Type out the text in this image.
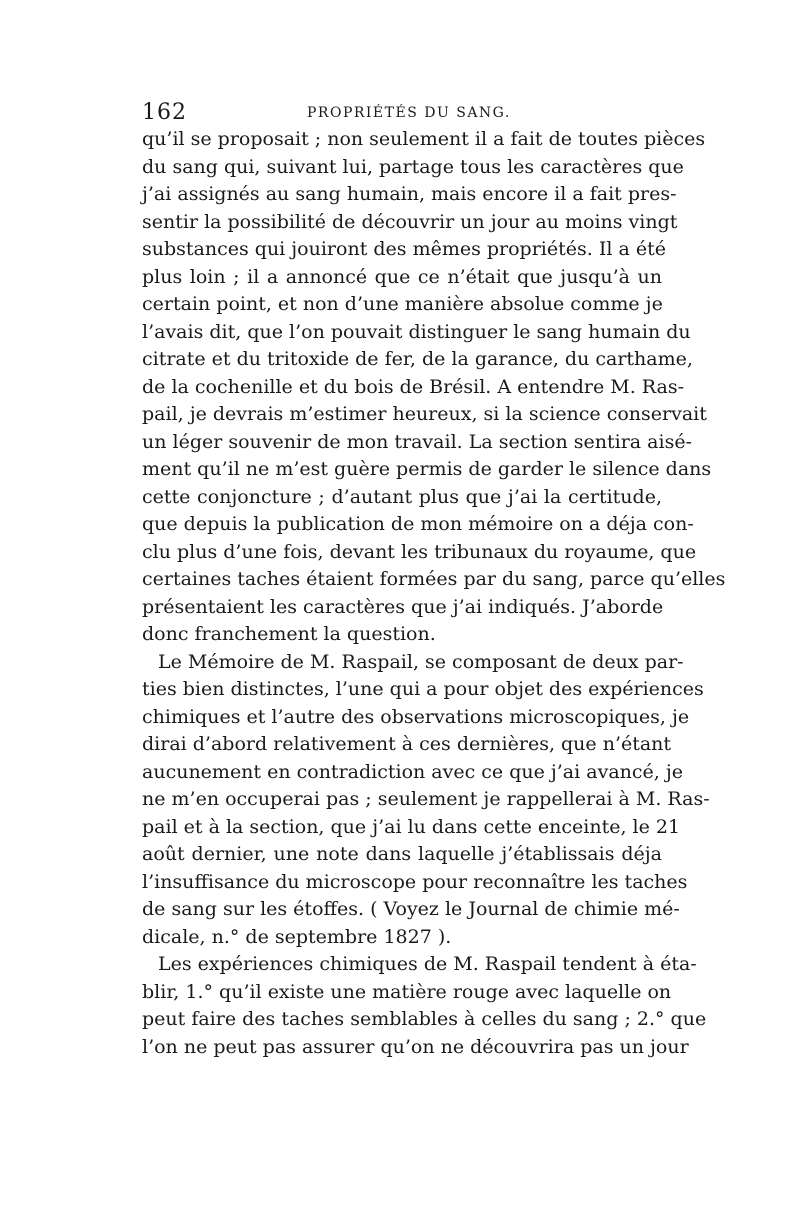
162	PROPRIÉTÉS DU SANG.
qu’il se proposait ; non seulement il a fait de toutes pièces
du sang qui, suivant lui, partage tous les caractères que
j’ai assignés au sang humain, mais encore il a fait pres-
sentir la possibilité de découvrir un jour au moins vingt
substances qui jouiront des mêmes propriétés. Il a été
plus loin ; il a annoncé que ce n’était que jusqu’à un
certain point, et non d’une manière absolue comme je
l’avais dit, que l’on pouvait distinguer le sang humain du
citrate et du tritoxide de fer, de la garance, du carthame,
de la cochenille et du bois de Brésil. A entendre M. Ras-
pail, je devrais m’estimer heureux, si la science conservait
un léger souvenir de mon travail. La section sentira aisé-
ment qu’il ne m’est guère permis de garder le silence dans
cette conjoncture ; d’autant plus que j’ai la certitude,
que depuis la publication de mon mémoire on a déja con-
clu plus d’une fois, devant les tribunaux du royaume, que
certaines taches étaient formées par du sang, parce qu’elles
présentaient les caractères que j’ai indiqués. J’aborde
donc franchement la question.
Le Mémoire de M. Raspail, se composant de deux par-
ties bien distinctes, l’une qui a pour objet des expériences
chimiques et l’autre des observations microscopiques, je
dirai d’abord relativement à ces dernières, que n’étant
aucunement en contradiction avec ce que j’ai avancé, je
ne m’en occuperai pas ; seulement je rappellerai à M. Ras-
pail et à la section, que j’ai lu dans cette enceinte, le 21
août dernier, une note dans laquelle j’établissais déja
l’insuffisance du microscope pour reconnaître les taches
de sang sur les étoffes. ( Voyez le Journal de chimie mé-
dicale, n.° de septembre 1827 ).
Les expériences chimiques de M. Raspail tendent à éta-
blir, 1.° qu’il existe une matière rouge avec laquelle on
peut faire des taches semblables à celles du sang ; 2.° que
l’on ne peut pas assurer qu’on ne découvrira pas un jour
